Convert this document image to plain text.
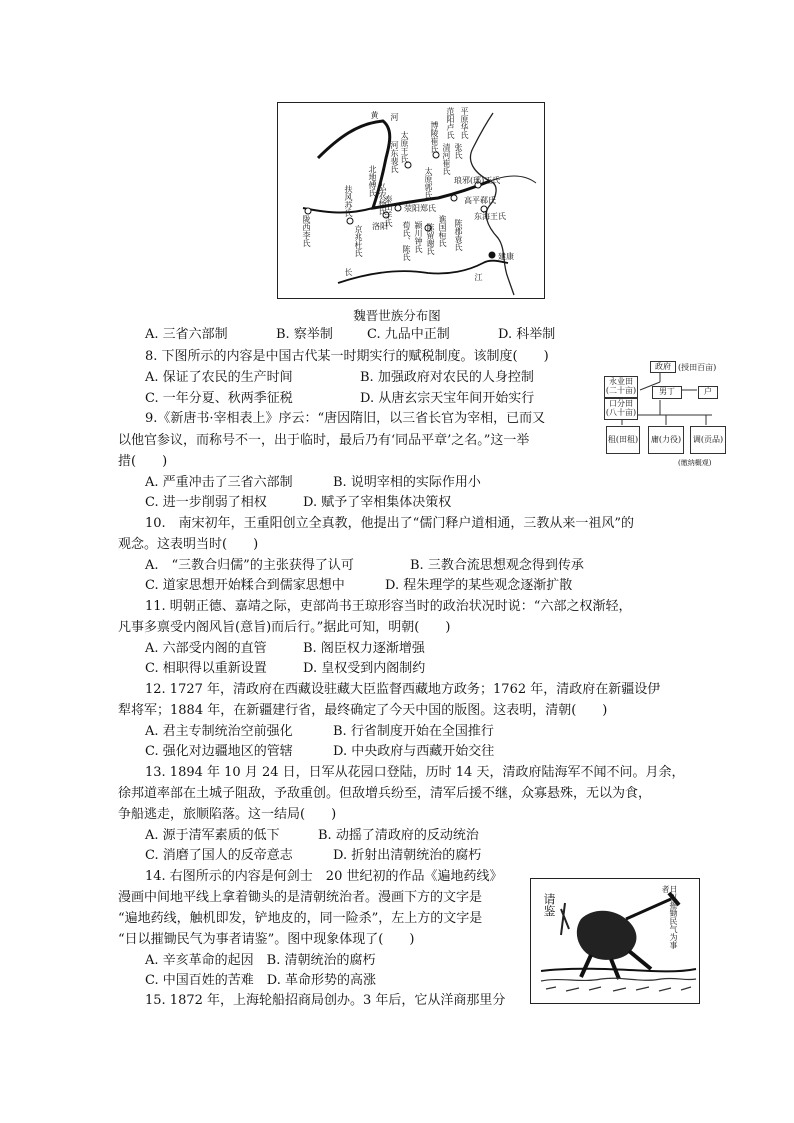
黄 河
长
江
范阳卢氏 平原华氏
博陵崔氏
清河崔氏 张氏
太原王氏
河东裴氏
太原郭氏
北地傅氏
弘农杨氏
扶风苏氏
陇西李氏	京兆杜氏 洛阳
荥阳郑氏
琅邪(琊)王氏
高平郗氏
东海王氏
陈郡袁氏
谯国桓氏
陈留谢氏
颍川钟氏
荀氏、陈氏	建康
泰山羊氏
魏晋世族分布图
A. 三省六部制	B. 察举制	C. 九品中正制	D. 科举制
8. 下图所示的内容是中国古代某一时期实行的赋税制度。该制度(　　)
A. 保证了农民的生产时间	B. 加强政府对农民的人身控制
C. 一年分夏、秋两季征税	D. 从唐玄宗天宝年间开始实行
政府 (授田百亩)
永业田(二十亩)
口分田(八十亩)
男丁	户
租(田租)	庸(力役)	调(贡品)
(缴纳概观)
9.《新唐书·宰相表上》序云：“唐因隋旧，以三省长官为宰相，已而又
以他官参议，而称号不一，出于临时，最后乃有‘同品平章’之名。”这一举
措(　　)
A. 严重冲击了三省六部制	B. 说明宰相的实际作用小
C. 进一步削弱了相权	D. 赋予了宰相集体决策权
10.　南宋初年，王重阳创立全真教，他提出了“儒门释户道相通，三教从来一祖风”的
观念。这表明当时(　　)
A.　“三教合归儒”的主张获得了认可	B. 三教合流思想观念得到传承
C. 道家思想开始糅合到儒家思想中	D. 程朱理学的某些观念逐渐扩散
11. 明朝正德、嘉靖之际，吏部尚书王琼形容当时的政治状况时说：“六部之权渐轻，
凡事多禀受内阁风旨(意旨)而后行。”据此可知，明朝(　　)
A. 六部受内阁的直管	B. 阁臣权力逐渐增强
C. 相职得以重新设置	D. 皇权受到内阁制约
12. 1727 年，清政府在西藏设驻藏大臣监督西藏地方政务；1762 年，清政府在新疆设伊
犁将军；1884 年，在新疆建行省，最终确定了今天中国的版图。这表明，清朝(　　)
A. 君主专制统治空前强化	B. 行省制度开始在全国推行
C. 强化对边疆地区的管辖	D. 中央政府与西藏开始交往
13. 1894 年 10 月 24 日，日军从花园口登陆，历时 14 天，清政府陆海军不闻不问。月余，
徐邦道率部在土城子阻敌，予敌重创。但敌增兵纷至，清军后援不继，众寡悬殊，无以为食，
争船逃走，旅顺陷落。这一结局(　　)
A. 源于清军素质的低下	B. 动摇了清政府的反动统治
C. 消磨了国人的反帝意志	D. 折射出清朝统治的腐朽
14. 右图所示的内容是何剑士　20 世纪初的作品《遍地药线》
漫画中间地平线上拿着锄头的是清朝统治者。漫画下方的文字是
“遍地药线，触机即发，铲地皮的，同一险杀”，左上方的文字是
“日以摧锄民气为事者请鉴”。图中现象体现了(　　)
A. 辛亥革命的起因　B. 清朝统治的腐朽
C. 中国百姓的苦难　D. 革命形势的高涨
请鉴	日以摧锄民气为事者
15. 1872 年，上海轮船招商局创办。3 年后，它从洋商那里分
